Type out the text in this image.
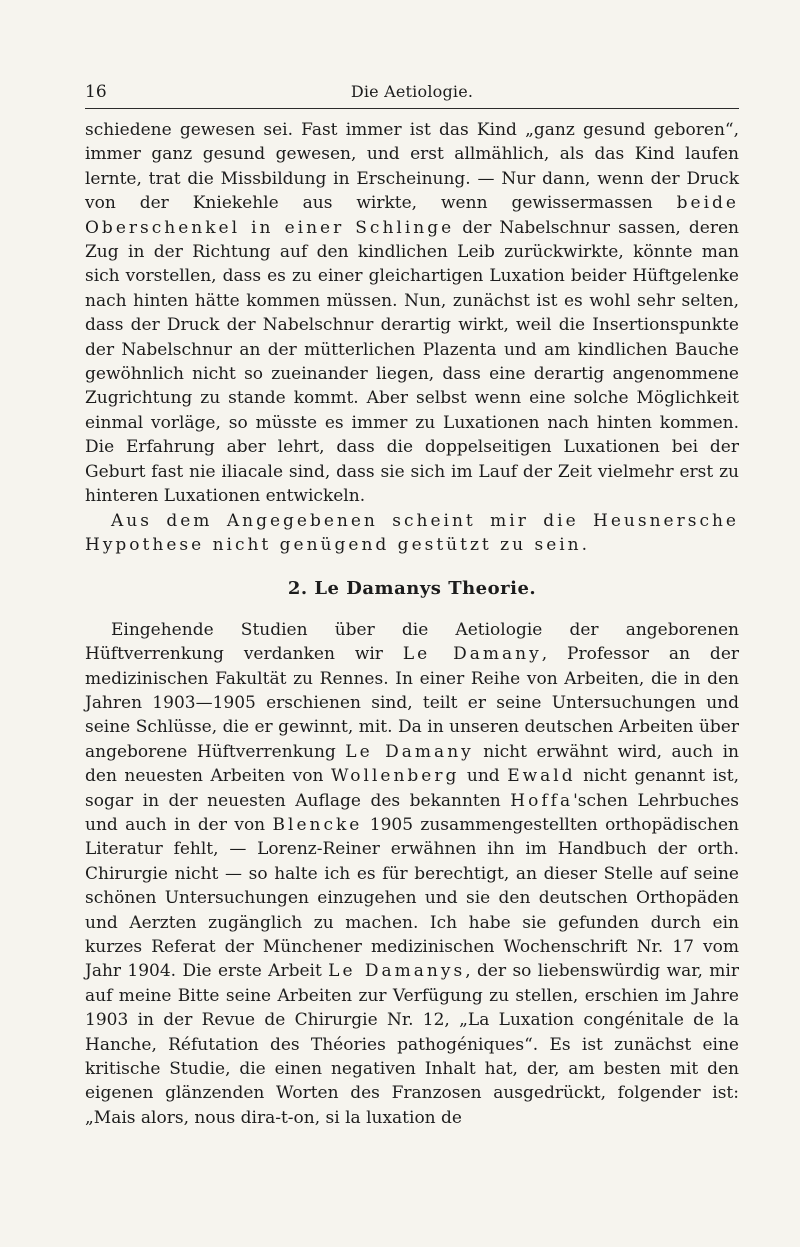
16	Die Aetiologie.

schiedene gewesen sei. Fast immer ist das Kind „ganz gesund geboren“, immer ganz gesund gewesen, und erst allmählich, als das Kind laufen lernte, trat die Missbildung in Erscheinung. — Nur dann, wenn der Druck von der Kniekehle aus wirkte, wenn gewissermassen beide Oberschenkel in einer Schlinge der Nabelschnur sassen, deren Zug in der Richtung auf den kindlichen Leib zurückwirkte, könnte man sich vorstellen, dass es zu einer gleichartigen Luxation beider Hüftgelenke nach hinten hätte kommen müssen. Nun, zunächst ist es wohl sehr selten, dass der Druck der Nabelschnur derartig wirkt, weil die Insertionspunkte der Nabelschnur an der mütterlichen Plazenta und am kindlichen Bauche gewöhnlich nicht so zueinander liegen, dass eine derartig angenommene Zugrichtung zu stande kommt. Aber selbst wenn eine solche Möglichkeit einmal vorläge, so müsste es immer zu Luxationen nach hinten kommen. Die Erfahrung aber lehrt, dass die doppelseitigen Luxationen bei der Geburt fast nie iliacale sind, dass sie sich im Lauf der Zeit vielmehr erst zu hinteren Luxationen entwickeln.

Aus dem Angegebenen scheint mir die Heusnersche Hypothese nicht genügend gestützt zu sein.

2. Le Damanys Theorie.

Eingehende Studien über die Aetiologie der angeborenen Hüftverrenkung verdanken wir Le Damany, Professor an der medizinischen Fakultät zu Rennes. In einer Reihe von Arbeiten, die in den Jahren 1903—1905 erschienen sind, teilt er seine Untersuchungen und seine Schlüsse, die er gewinnt, mit. Da in unseren deutschen Arbeiten über angeborene Hüftverrenkung Le Damany nicht erwähnt wird, auch in den neuesten Arbeiten von Wollenberg und Ewald nicht genannt ist, sogar in der neuesten Auflage des bekannten Hoffa'schen Lehrbuches und auch in der von Blencke 1905 zusammengestellten orthopädischen Literatur fehlt, — Lorenz-Reiner erwähnen ihn im Handbuch der orth. Chirurgie nicht — so halte ich es für berechtigt, an dieser Stelle auf seine schönen Untersuchungen einzugehen und sie den deutschen Orthopäden und Aerzten zugänglich zu machen. Ich habe sie gefunden durch ein kurzes Referat der Münchener medizinischen Wochenschrift Nr. 17 vom Jahr 1904. Die erste Arbeit Le Damanys, der so liebenswürdig war, mir auf meine Bitte seine Arbeiten zur Verfügung zu stellen, erschien im Jahre 1903 in der Revue de Chirurgie Nr. 12, „La Luxation congénitale de la Hanche, Réfutation des Théories pathogéniques“. Es ist zunächst eine kritische Studie, die einen negativen Inhalt hat, der, am besten mit den eigenen glänzenden Worten des Franzosen ausgedrückt, folgender ist: „Mais alors, nous dira-t-on, si la luxation de
